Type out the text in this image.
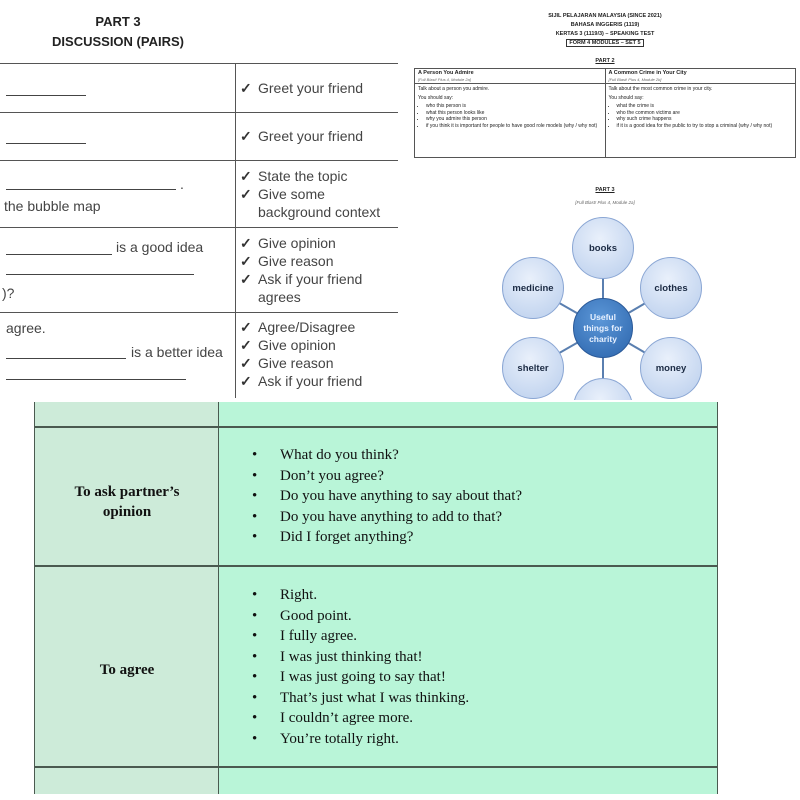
PART 3
DISCUSSION (PAIRS)
.
the bubble map
is a good idea
)?
agree.
is a better idea
✓ Greet your friend
✓ Greet your friend
✓ State the topic
✓ Give some
background context
✓ Give opinion
✓ Give reason
✓ Ask if your friend
agrees
✓ Agree/Disagree
✓ Give opinion
✓ Give reason
✓ Ask if your friend
SIJIL PELAJARAN MALAYSIA (SINCE 2021)
BAHASA INGGERIS (1119)
KERTAS 3 (1119/3) – SPEAKING TEST
FORM 4 MODULES – SET 5
PART 2
A Person You Admire
[Full Blast! Plus 4, Module 2a]
Talk about a person you admire.
You should say:
• who this person is
• what this person looks like
• why you admire this person
• if you think it is important for people to have good role models (why / why not)
A Common Crime in Your City
[Full Blast! Plus 4, Module 2b]
Talk about the most common crime in your city.
You should say:
• what the crime is
• who the common victims are
• why such crime happens
• if it is a good idea for the public to try to stop a criminal (why / why not)
PART 3
[Full Blast! Plus 4, Module 2a]
books
clothes
money
shelter
medicine
Useful things for charity
To ask partner’s opinion
• What do you think?
• Don’t you agree?
• Do you have anything to say about that?
• Do you have anything to add to that?
• Did I forget anything?
To agree
• Right.
• Good point.
• I fully agree.
• I was just thinking that!
• I was just going to say that!
• That’s just what I was thinking.
• I couldn’t agree more.
• You’re totally right.
